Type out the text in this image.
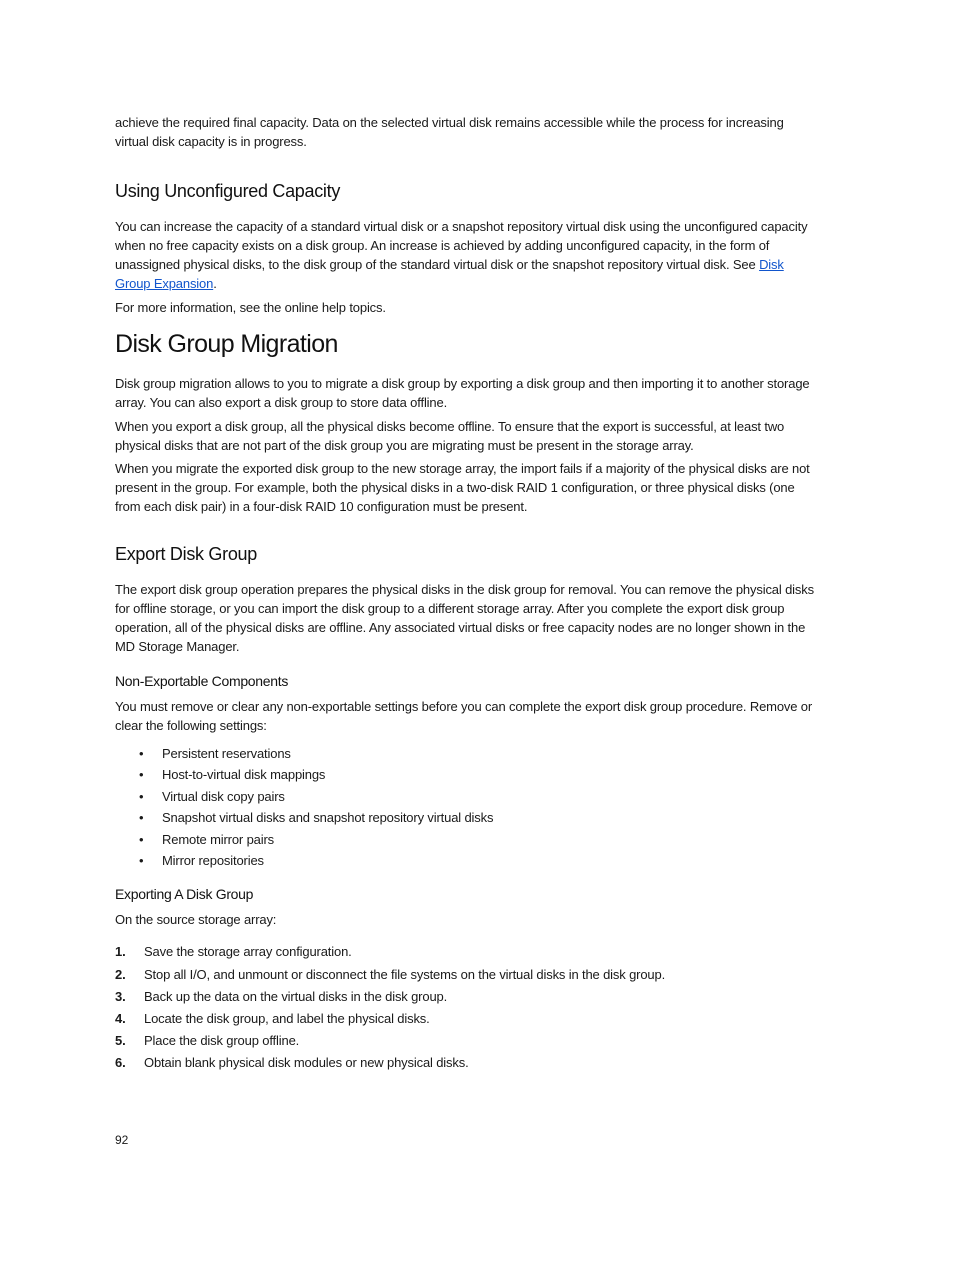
achieve the required final capacity. Data on the selected virtual disk remains accessible while the process for increasing virtual disk capacity is in progress.

Using Unconfigured Capacity

You can increase the capacity of a standard virtual disk or a snapshot repository virtual disk using the unconfigured capacity when no free capacity exists on a disk group. An increase is achieved by adding unconfigured capacity, in the form of unassigned physical disks, to the disk group of the standard virtual disk or the snapshot repository virtual disk. See Disk Group Expansion.

For more information, see the online help topics.

Disk Group Migration

Disk group migration allows to you to migrate a disk group by exporting a disk group and then importing it to another storage array. You can also export a disk group to store data offline.

When you export a disk group, all the physical disks become offline. To ensure that the export is successful, at least two physical disks that are not part of the disk group you are migrating must be present in the storage array.

When you migrate the exported disk group to the new storage array, the import fails if a majority of the physical disks are not present in the group. For example, both the physical disks in a two-disk RAID 1 configuration, or three physical disks (one from each disk pair) in a four-disk RAID 10 configuration must be present.

Export Disk Group

The export disk group operation prepares the physical disks in the disk group for removal. You can remove the physical disks for offline storage, or you can import the disk group to a different storage array. After you complete the export disk group operation, all of the physical disks are offline. Any associated virtual disks or free capacity nodes are no longer shown in the MD Storage Manager.

Non-Exportable Components

You must remove or clear any non-exportable settings before you can complete the export disk group procedure. Remove or clear the following settings:

• Persistent reservations
• Host-to-virtual disk mappings
• Virtual disk copy pairs
• Snapshot virtual disks and snapshot repository virtual disks
• Remote mirror pairs
• Mirror repositories
Exporting A Disk Group

On the source storage array:

1. Save the storage array configuration.
2. Stop all I/O, and unmount or disconnect the file systems on the virtual disks in the disk group.
3. Back up the data on the virtual disks in the disk group.
4. Locate the disk group, and label the physical disks.
5. Place the disk group offline.
6. Obtain blank physical disk modules or new physical disks.
92
